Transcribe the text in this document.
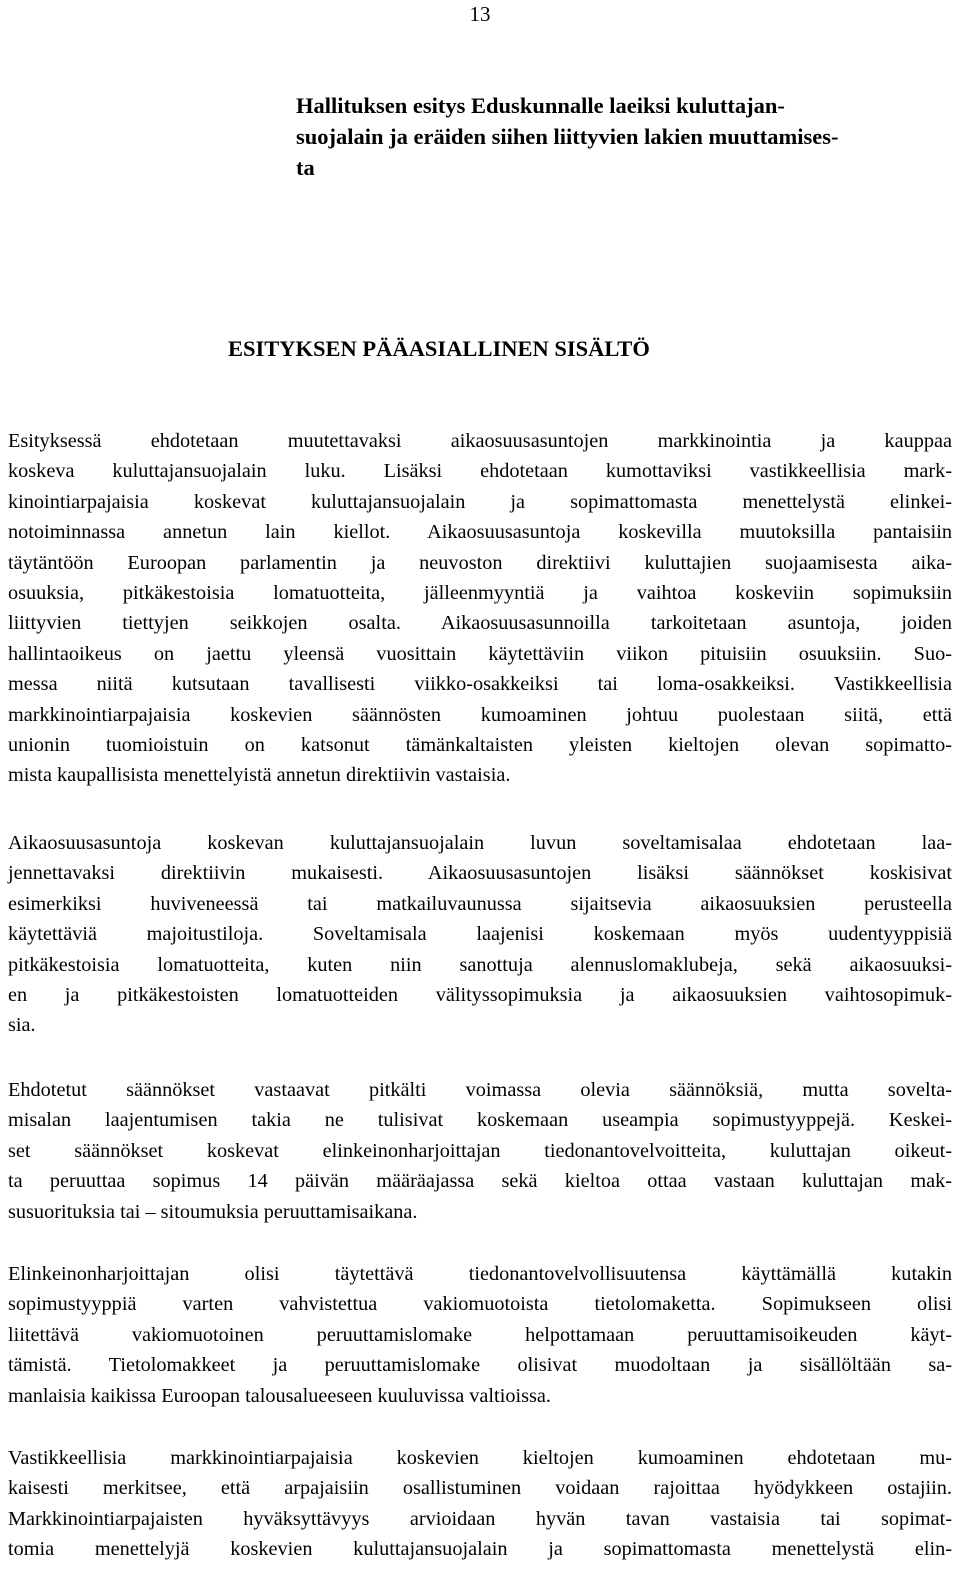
13
Hallituksen esitys Eduskunnalle laeiksi kuluttajan-
suojalain ja eräiden siihen liittyvien lakien muuttamises-
ta
ESITYKSEN PÄÄASIALLINEN SISÄLTÖ

Esityksessä ehdotetaan muutettavaksi aikaosuusasuntojen markkinointia ja kauppaa
koskeva kuluttajansuojalain luku. Lisäksi ehdotetaan kumottaviksi vastikkeellisia mark-
kinointiarpajaisia koskevat kuluttajansuojalain ja sopimattomasta menettelystä elinkei-
notoiminnassa annetun lain kiellot. Aikaosuusasuntoja koskevilla muutoksilla pantaisiin
täytäntöön Euroopan parlamentin ja neuvoston direktiivi kuluttajien suojaamisesta aika-
osuuksia, pitkäkestoisia lomatuotteita, jälleenmyyntiä ja vaihtoa koskeviin sopimuksiin
liittyvien tiettyjen seikkojen osalta. Aikaosuusasunnoilla tarkoitetaan asuntoja, joiden
hallintaoikeus on jaettu yleensä vuosittain käytettäviin viikon pituisiin osuuksiin. Suo-
messa niitä kutsutaan tavallisesti viikko-osakkeiksi tai loma-osakkeiksi. Vastikkeellisia
markkinointiarpajaisia koskevien säännösten kumoaminen johtuu puolestaan siitä, että
unionin tuomioistuin on katsonut tämänkaltaisten yleisten kieltojen olevan sopimatto-
mista kaupallisista menettelyistä annetun direktiivin vastaisia.

Aikaosuusasuntoja koskevan kuluttajansuojalain luvun soveltamisalaa ehdotetaan laa-
jennettavaksi direktiivin mukaisesti. Aikaosuusasuntojen lisäksi säännökset koskisivat
esimerkiksi huviveneessä tai matkailuvaunussa sijaitsevia aikaosuuksien perusteella
käytettäviä majoitustiloja. Soveltamisala laajenisi koskemaan myös uudentyyppisiä
pitkäkestoisia lomatuotteita, kuten niin sanottuja alennuslomaklubeja, sekä aikaosuuksi-
en ja pitkäkestoisten lomatuotteiden välityssopimuksia ja aikaosuuksien vaihtosopimuk-
sia.

Ehdotetut säännökset vastaavat pitkälti voimassa olevia säännöksiä, mutta sovelta-
misalan laajentumisen takia ne tulisivat koskemaan useampia sopimustyyppejä. Keskei-
set säännökset koskevat elinkeinonharjoittajan tiedonantovelvoitteita, kuluttajan oikeut-
ta peruuttaa sopimus 14 päivän määräajassa sekä kieltoa ottaa vastaan kuluttajan mak-
susuorituksia tai – sitoumuksia peruuttamisaikana.

Elinkeinonharjoittajan olisi täytettävä tiedonantovelvollisuutensa käyttämällä kutakin
sopimustyyppiä varten vahvistettua vakiomuotoista tietolomaketta. Sopimukseen olisi
liitettävä vakiomuotoinen peruuttamislomake helpottamaan peruuttamisoikeuden käyt-
tämistä. Tietolomakkeet ja peruuttamislomake olisivat muodoltaan ja sisällöltään sa-
manlaisia kaikissa Euroopan talousalueeseen kuuluvissa valtioissa.

Vastikkeellisia markkinointiarpajaisia koskevien kieltojen kumoaminen ehdotetaan mu-
kaisesti merkitsee, että arpajaisiin osallistuminen voidaan rajoittaa hyödykkeen ostajiin.
Markkinointiarpajaisten hyväksyttävyys arvioidaan hyvän tavan vastaisia tai sopimat-
tomia menettelyjä koskevien kuluttajansuojalain ja sopimattomasta menettelystä elin-
